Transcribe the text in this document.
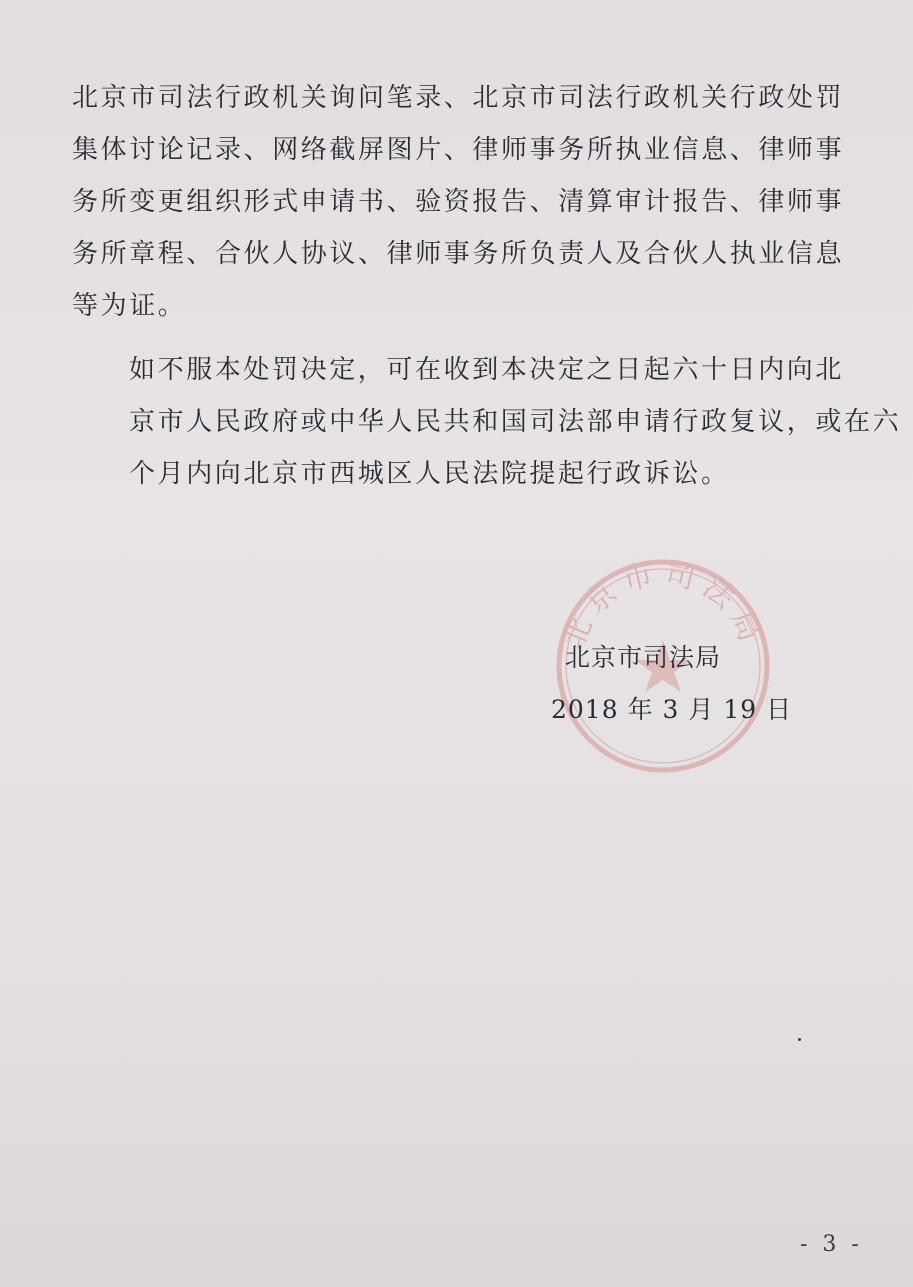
北京市司法行政机关询问笔录、北京市司法行政机关行政处罚
集体讨论记录、网络截屏图片、律师事务所执业信息、律师事
务所变更组织形式申请书、验资报告、清算审计报告、律师事
务所章程、合伙人协议、律师事务所负责人及合伙人执业信息
等为证。

如不服本处罚决定，可在收到本决定之日起六十日内向北
京市人民政府或中华人民共和国司法部申请行政复议，或在六
个月内向北京市西城区人民法院提起行政诉讼。

北京市司法局
北京市司法局
2018 年 3 月 19 日
- 3 -
